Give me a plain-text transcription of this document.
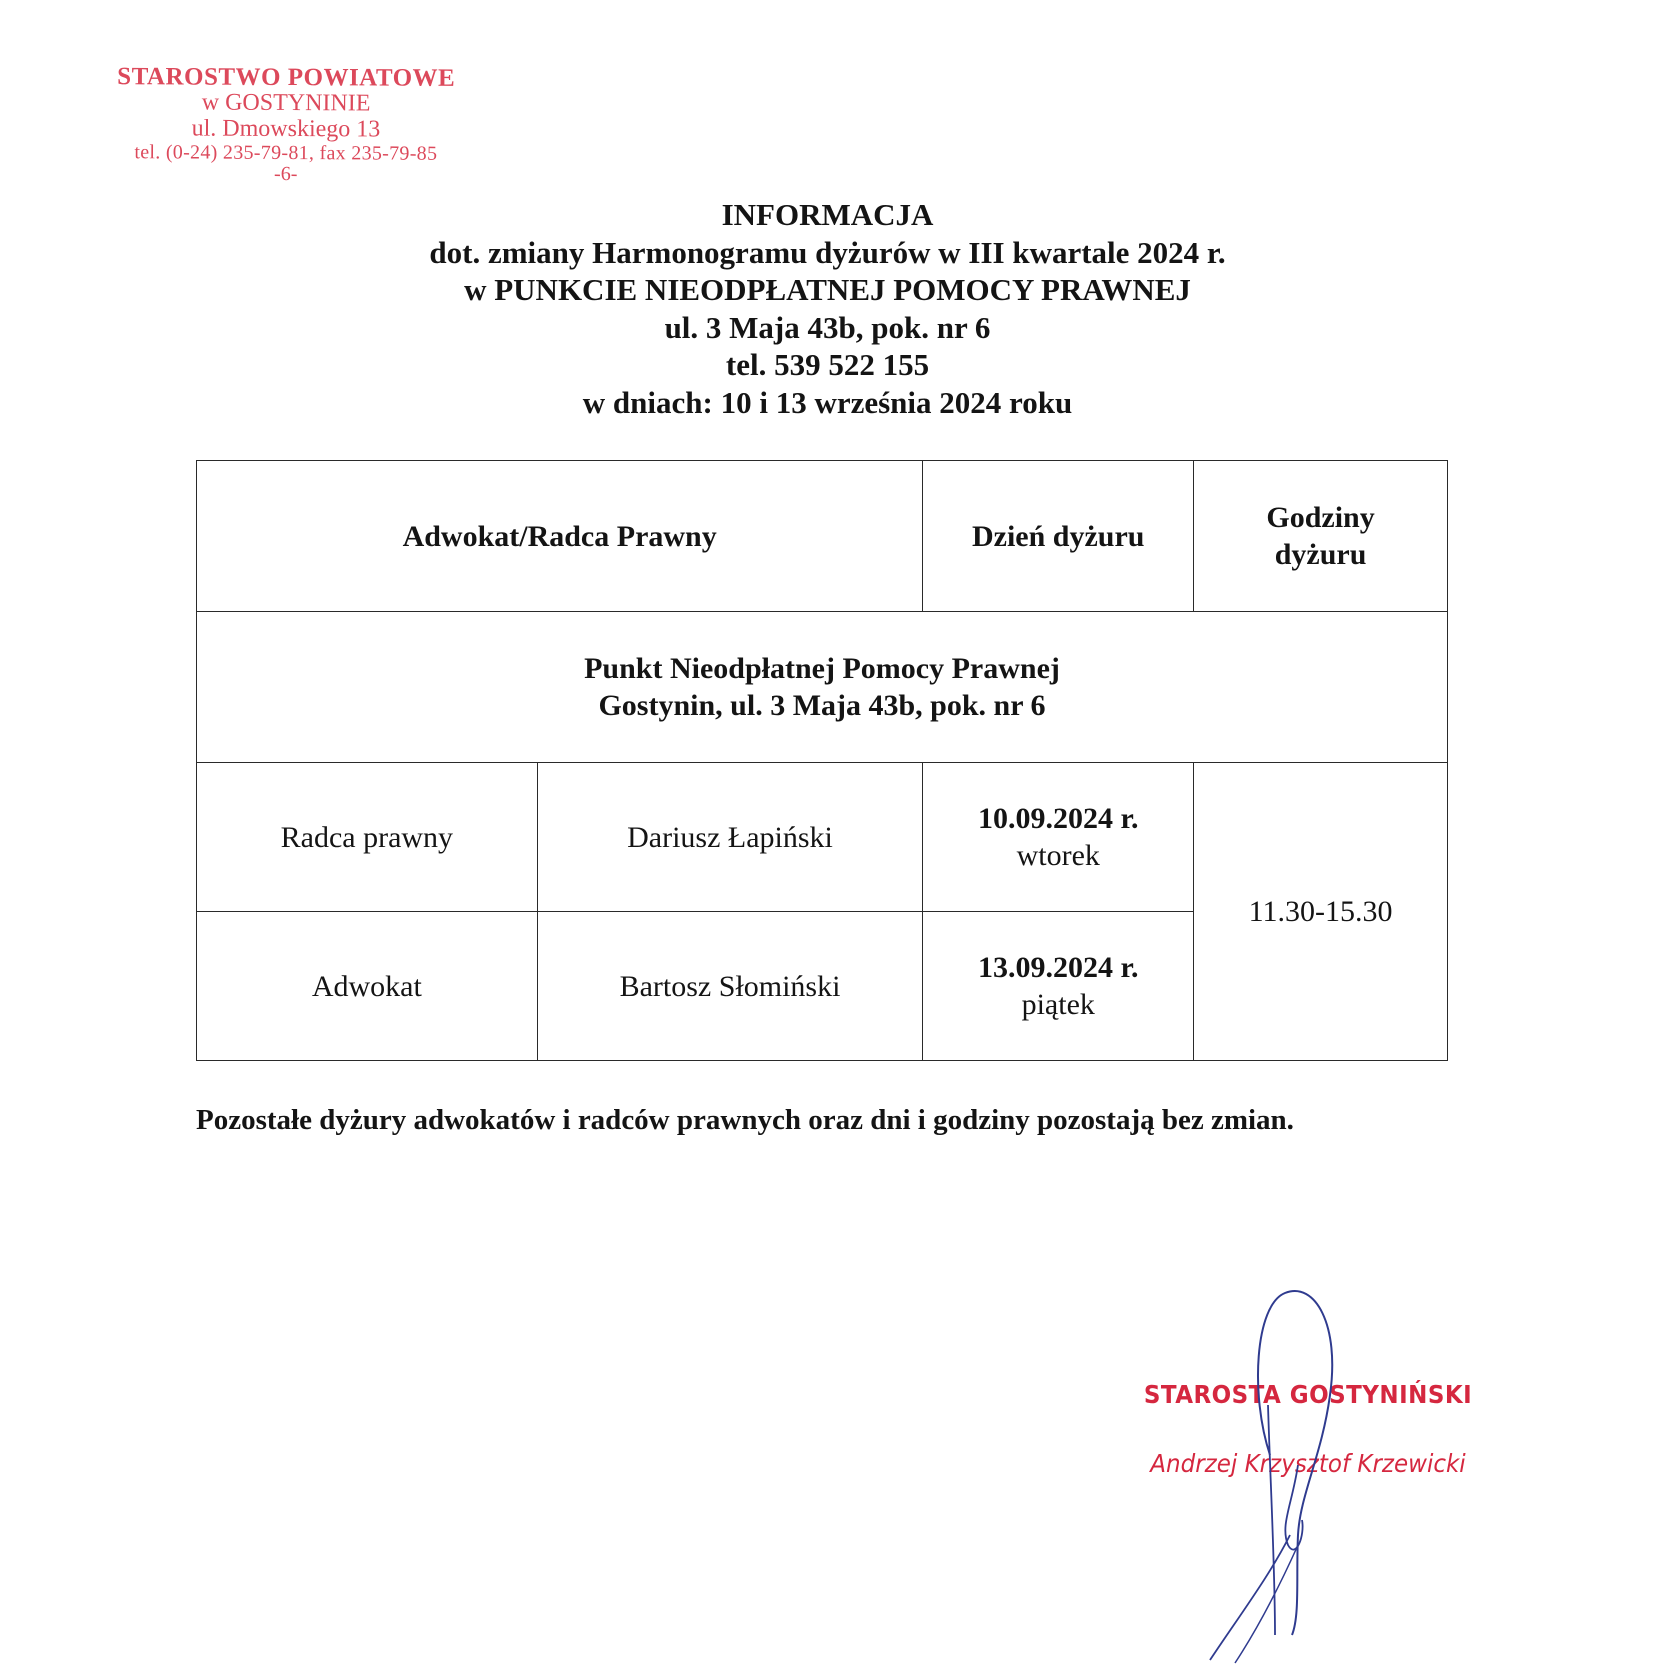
STAROSTWO POWIATOWE
w GOSTYNINIE
ul. Dmowskiego 13
tel. (0-24) 235-79-81, fax 235-79-85
-6-
INFORMACJA
dot. zmiany Harmonogramu dyżurów w III kwartale 2024 r.
w PUNKCIE NIEODPŁATNEJ POMOCY PRAWNEJ
ul. 3 Maja 43b, pok. nr 6
tel. 539 522 155
w dniach: 10 i 13 września 2024 roku
Adwokat/Radca Prawny		Dzień dyżuru	Godziny
dyżuru

Punkt Nieodpłatnej Pomocy Prawnej
Gostynin, ul. 3 Maja 43b, pok. nr 6			

Radca prawny	Dariusz Łapiński	10.09.2024 r.
wtorek	11.30-15.30
Adwokat	Bartosz Słomiński	13.09.2024 r.
piątek	
Pozostałe dyżury adwokatów i radców prawnych oraz dni i godziny pozostają bez zmian.
STAROSTA GOSTYNIŃSKI
Andrzej Krzysztof Krzewicki
